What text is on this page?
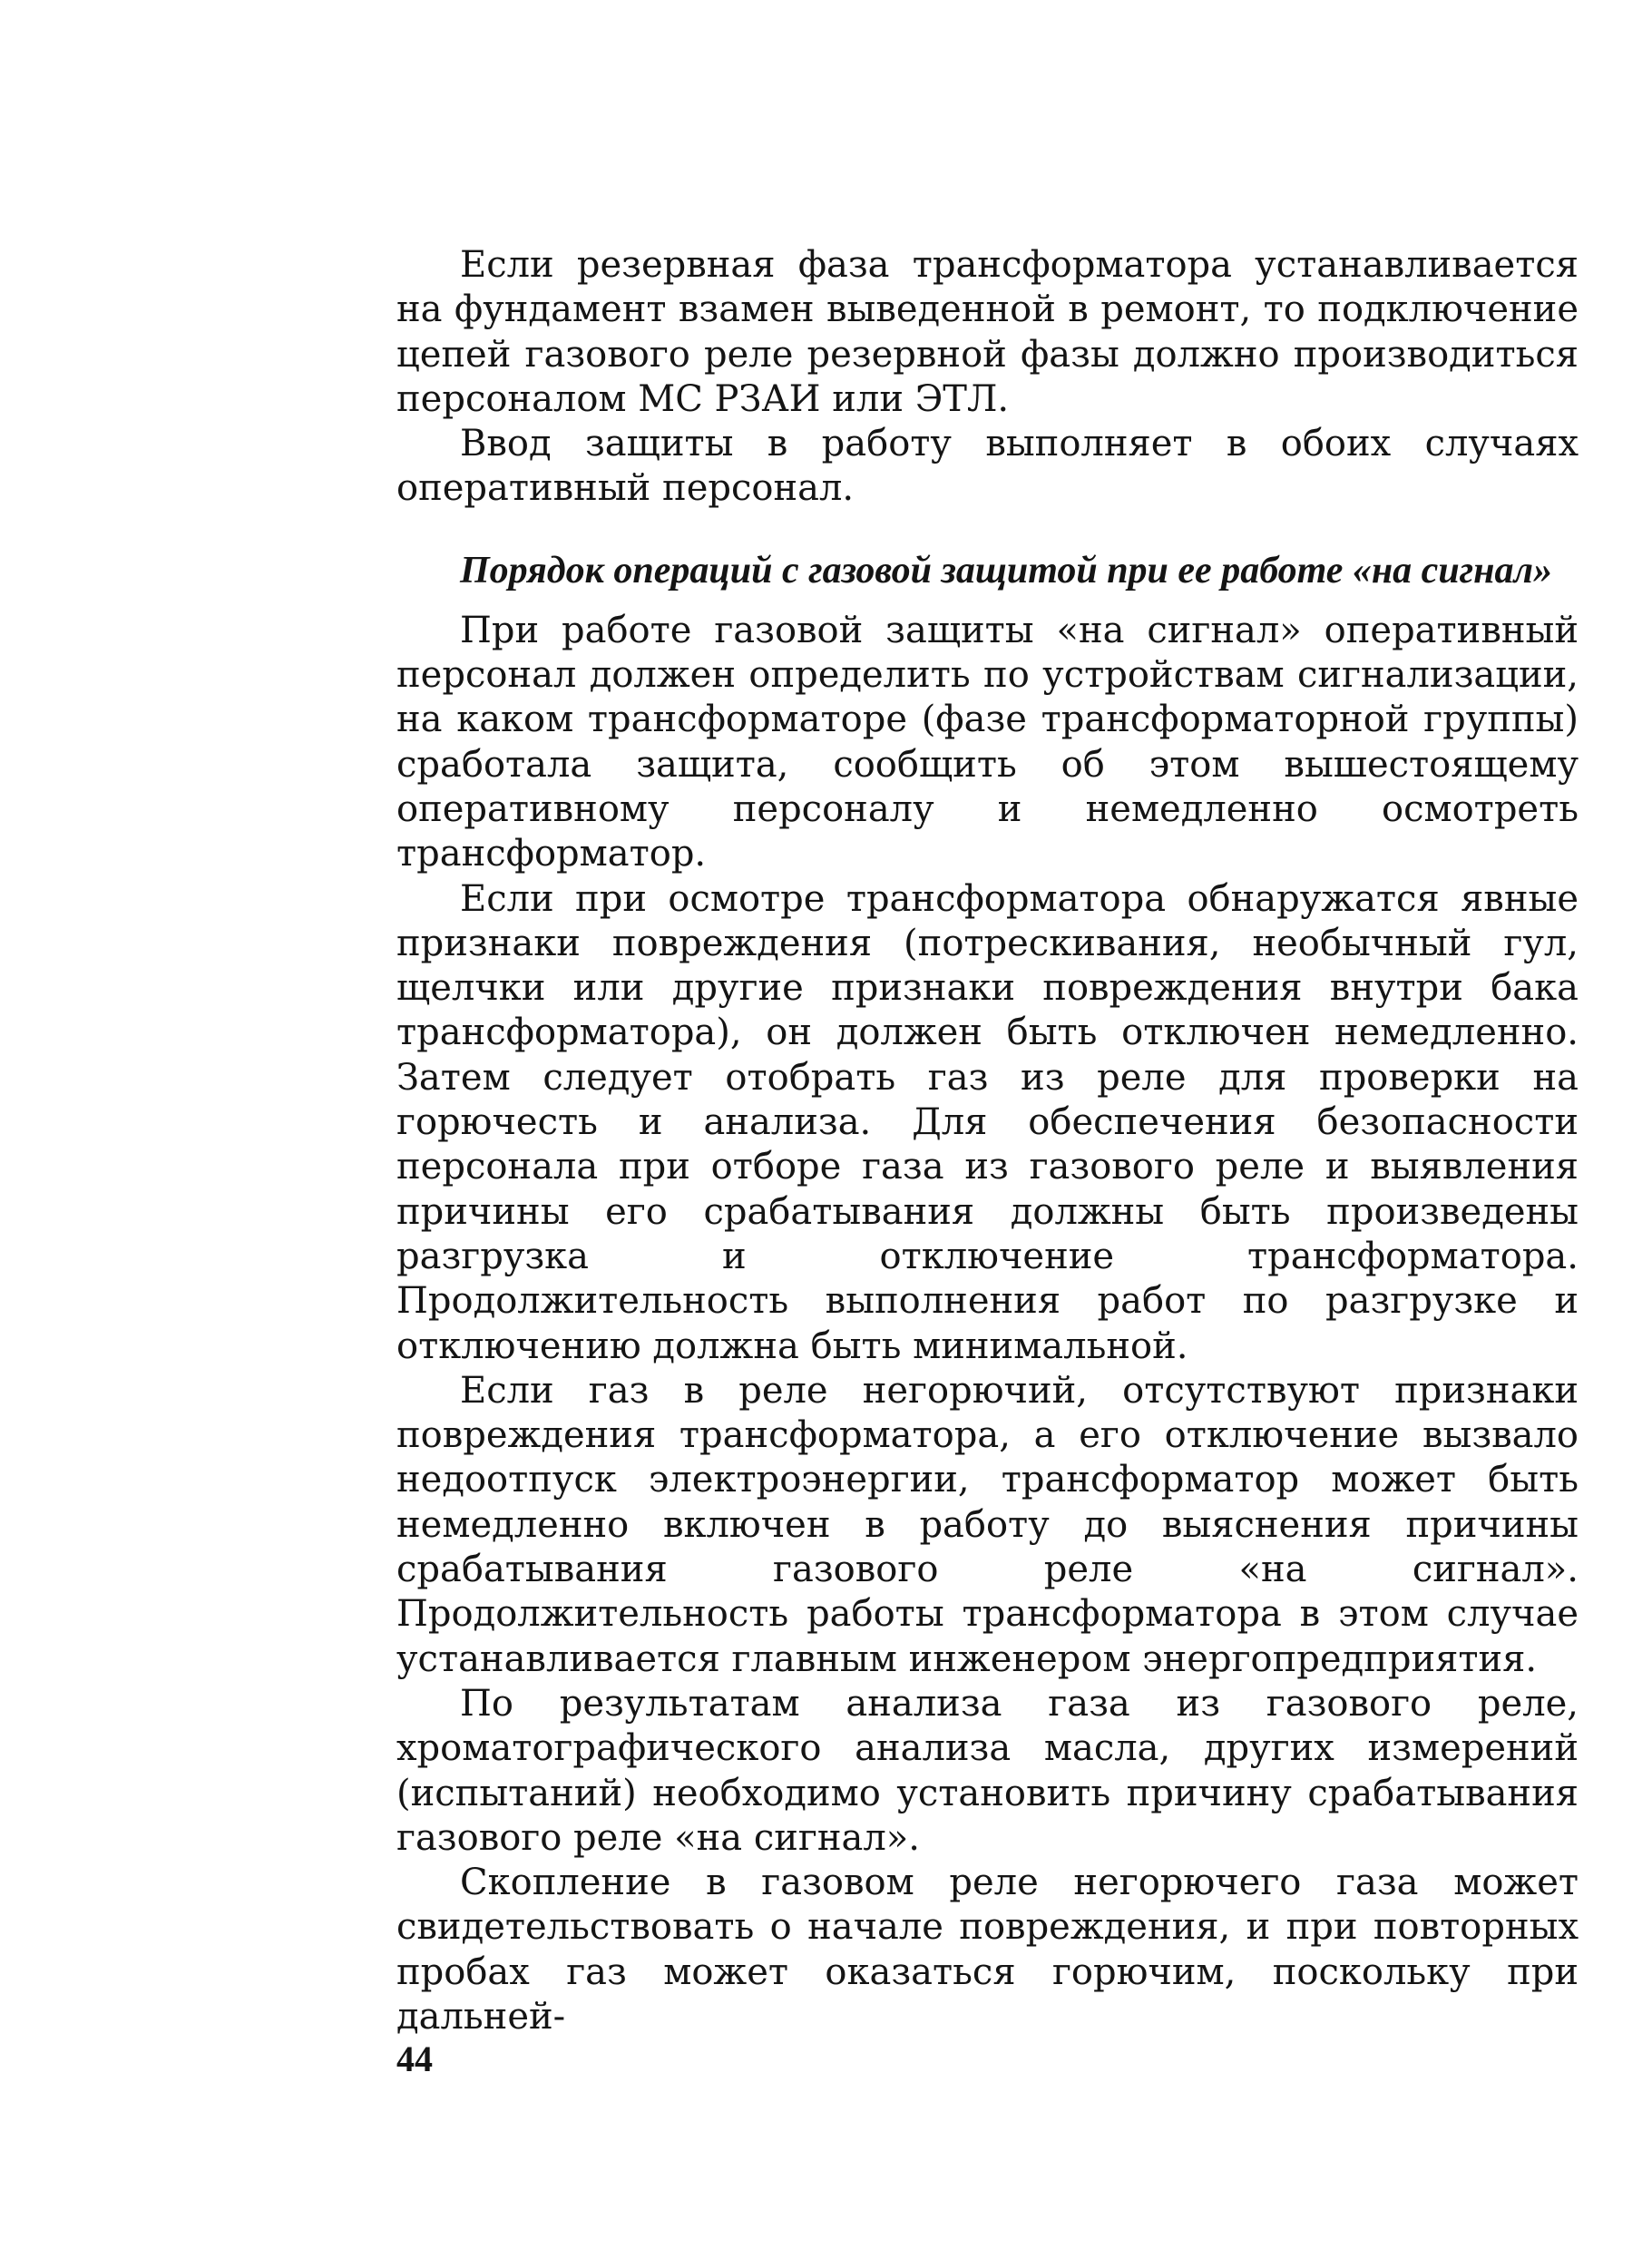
Если резервная фаза трансформатора устанавливается на фундамент взамен выведенной в ремонт, то подключение цепей газового реле резервной фазы должно производиться персоналом МС РЗАИ или ЭТЛ.

Ввод защиты в работу выполняет в обоих случаях оперативный персонал.

Порядок операций с газовой защитой при ее работе «на сигнал»

При работе газовой защиты «на сигнал» оперативный персонал должен определить по устройствам сигнализации, на каком трансформаторе (фазе трансформаторной группы) сработала защита, сообщить об этом вышестоящему оперативному персоналу и немедленно осмотреть трансформатор.

Если при осмотре трансформатора обнаружатся явные признаки повреждения (потрескивания, необычный гул, щелчки или другие признаки повреждения внутри бака трансформатора), он должен быть отключен немедленно. Затем следует отобрать газ из реле для проверки на горючесть и анализа. Для обеспечения безопасности персонала при отборе газа из газового реле и выявления причины его срабатывания должны быть произведены разгрузка и отключение трансформатора. Продолжительность выполнения работ по разгрузке и отключению должна быть минимальной.

Если газ в реле негорючий, отсутствуют признаки повреждения трансформатора, а его отключение вызвало недоотпуск электроэнергии, трансформатор может быть немедленно включен в работу до выяснения причины срабатывания газового реле «на сигнал». Продолжительность работы трансформатора в этом случае устанавливается главным инженером энергопредприятия.

По результатам анализа газа из газового реле, хроматографического анализа масла, других измерений (испытаний) необходимо установить причину срабатывания газового реле «на сигнал».

Скопление в газовом реле негорючего газа может свидетельствовать о начале повреждения, и при повторных пробах газ может оказаться горючим, поскольку при дальней-

44
